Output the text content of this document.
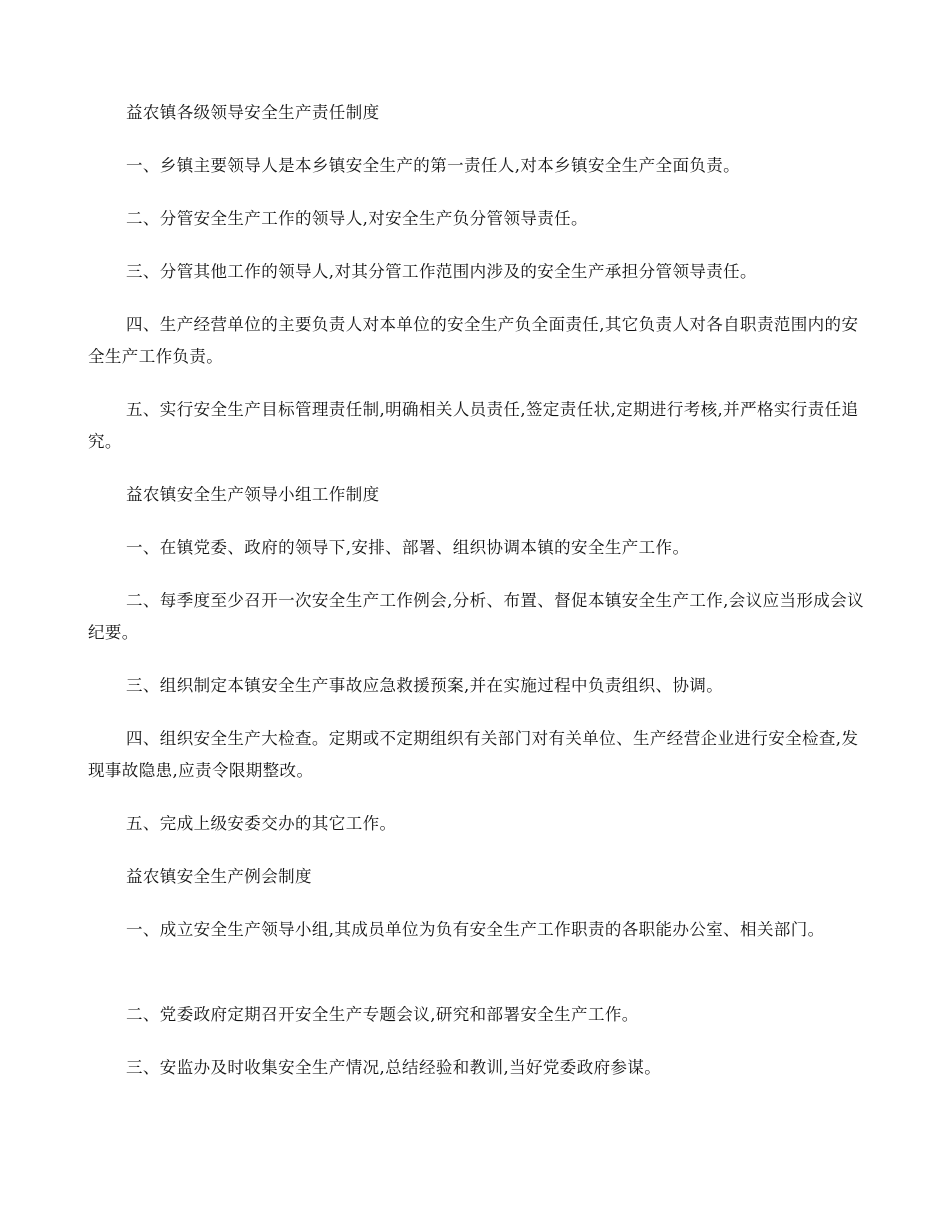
益农镇各级领导安全生产责任制度

一、乡镇主要领导人是本乡镇安全生产的第一责任人,对本乡镇安全生产全面负责。

二、分管安全生产工作的领导人,对安全生产负分管领导责任。

三、分管其他工作的领导人,对其分管工作范围内涉及的安全生产承担分管领导责任。

四、生产经营单位的主要负责人对本单位的安全生产负全面责任,其它负责人对各自职责范围内的安全生产工作负责。

五、实行安全生产目标管理责任制,明确相关人员责任,签定责任状,定期进行考核,并严格实行责任追究。

益农镇安全生产领导小组工作制度

一、在镇党委、政府的领导下,安排、部署、组织协调本镇的安全生产工作。

二、每季度至少召开一次安全生产工作例会,分析、布置、督促本镇安全生产工作,会议应当形成会议纪要。

三、组织制定本镇安全生产事故应急救援预案,并在实施过程中负责组织、协调。

四、组织安全生产大检查。定期或不定期组织有关部门对有关单位、生产经营企业进行安全检查,发现事故隐患,应责令限期整改。

五、完成上级安委交办的其它工作。

益农镇安全生产例会制度

一、成立安全生产领导小组,其成员单位为负有安全生产工作职责的各职能办公室、相关部门。

二、党委政府定期召开安全生产专题会议,研究和部署安全生产工作。

三、安监办及时收集安全生产情况,总结经验和教训,当好党委政府参谋。
